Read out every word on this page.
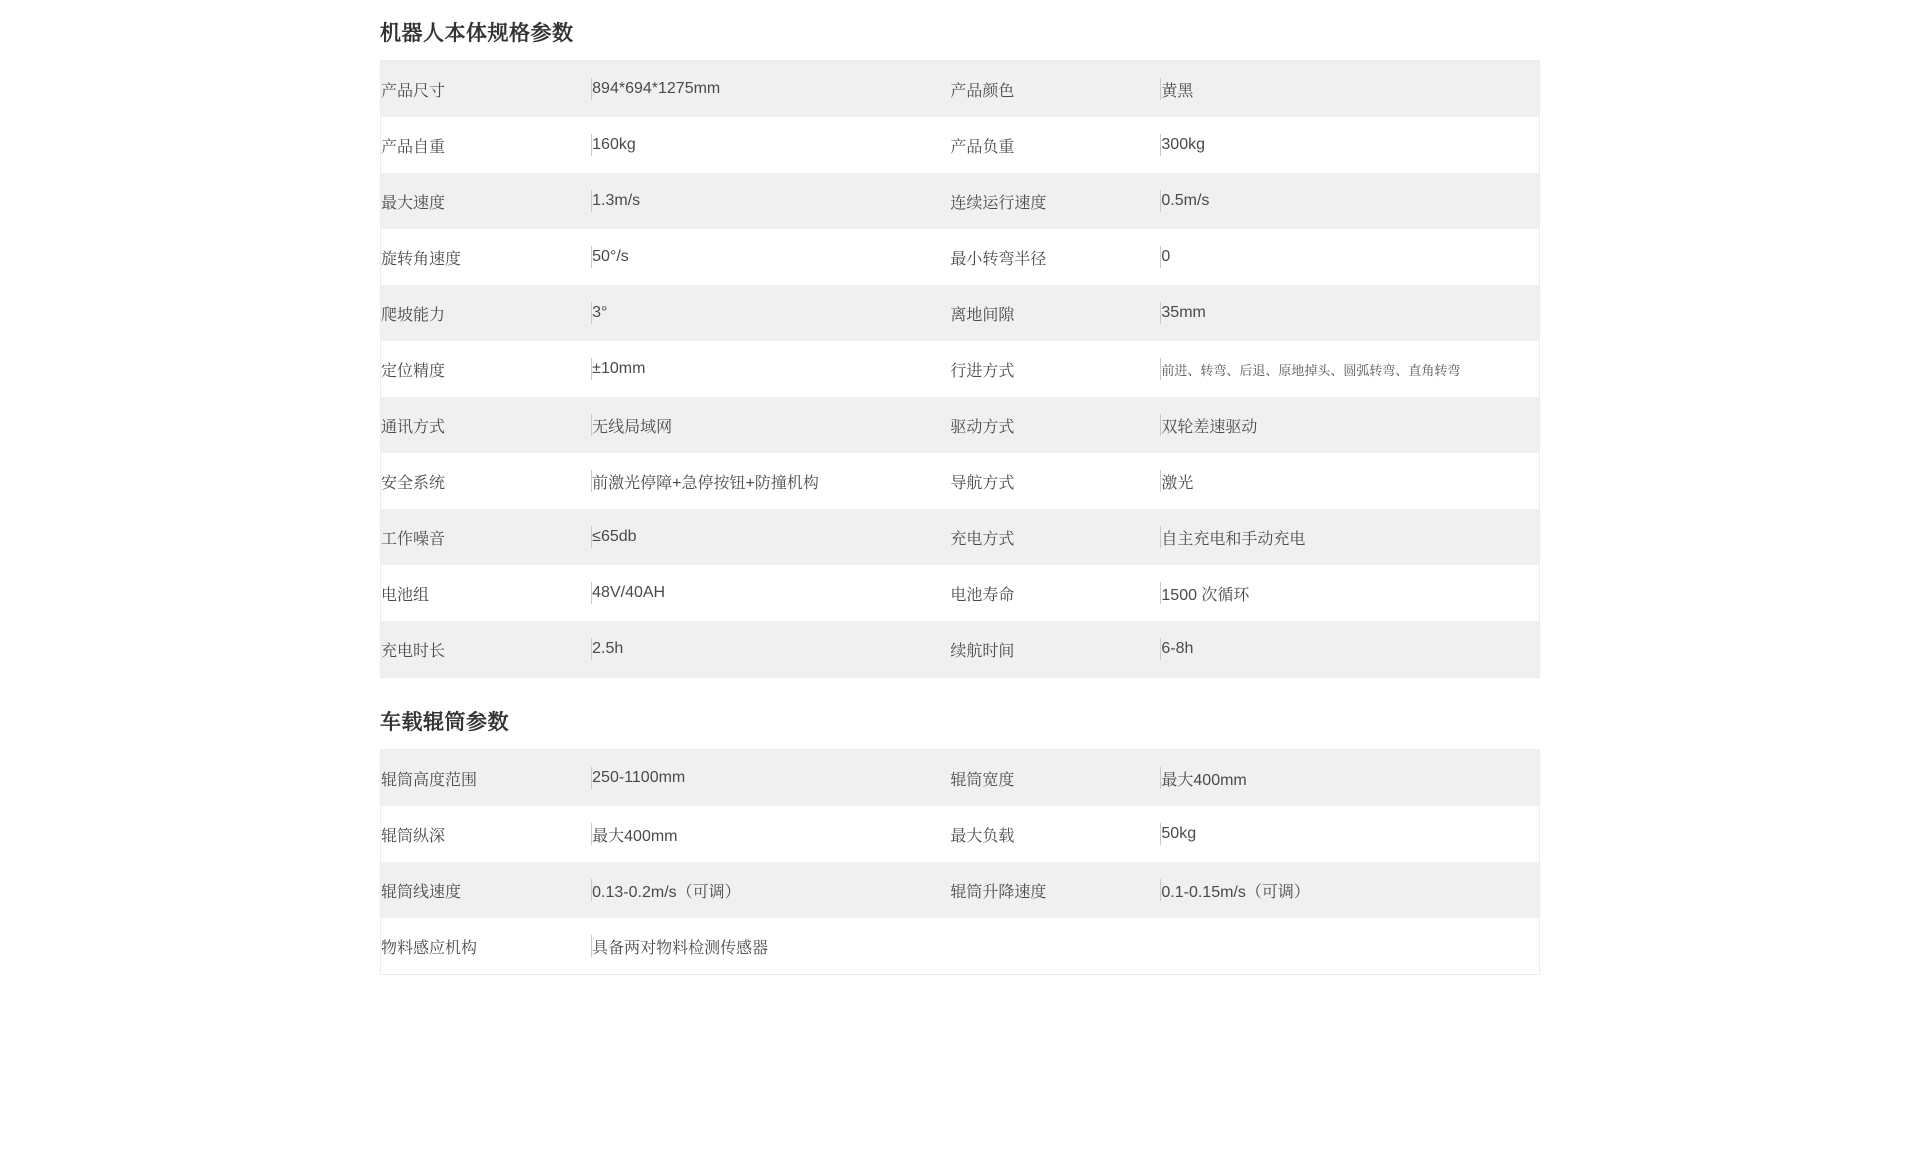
机器人本体规格参数
产品尺寸	894*694*1275mm	产品颜色	黄黑
产品自重	160kg	产品负重	300kg
最大速度	1.3m/s	连续运行速度	0.5m/s
旋转角速度	50°/s	最小转弯半径	0
爬坡能力	3°	离地间隙	35mm
定位精度	±10mm	行进方式	前进、转弯、后退、原地掉头、圆弧转弯、直角转弯
通讯方式	无线局域网	驱动方式	双轮差速驱动
安全系统	前激光停障+急停按钮+防撞机构	导航方式	激光
工作噪音	≤65db	充电方式	自主充电和手动充电
电池组	48V/40AH	电池寿命	1500 次循环
充电时长	2.5h	续航时间	6-8h
车载辊筒参数
辊筒高度范围	250-1100mm	辊筒宽度	最大400mm
辊筒纵深	最大400mm	最大负载	50kg
辊筒线速度	0.13-0.2m/s（可调）	辊筒升降速度	0.1-0.15m/s（可调）
物料感应机构	具备两对物料检测传感器		
